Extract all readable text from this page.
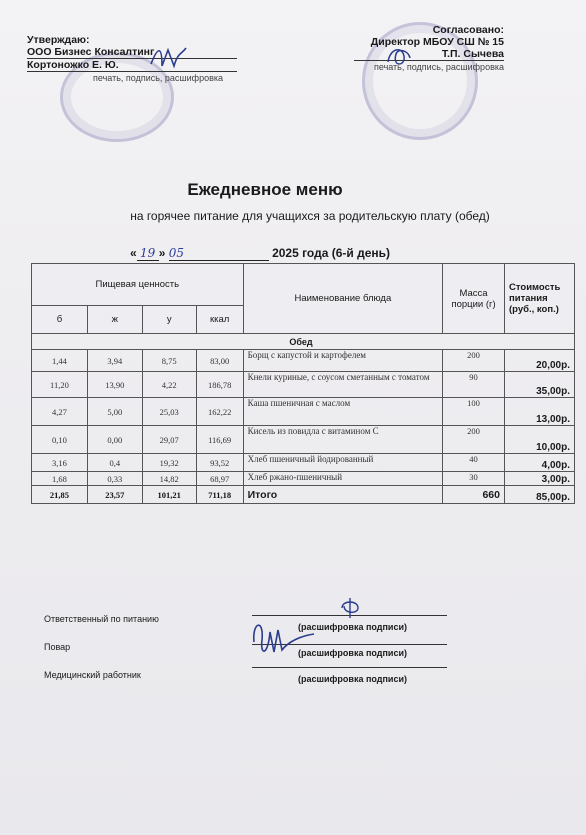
Утверждаю:
ООО Бизнес Консалтинг
Кортоножко Е. Ю.
печать, подпись, расшифровка
Согласовано:
Директор МБОУ СШ № 15
Т.П. Сычева
печать, подпись, расшифровка
Ежедневное меню
на горячее питание для учащихся за родительскую плату (обед)
« 19 » 05	2025 года (6-й день)
Пищевая ценность				Наименование блюда	Масса порции (г)	Стоимость питания (руб., коп.)
б	ж	у	ккал			
Обед						
1,44	3,94	8,75	83,00	Борщ с капустой и картофелем	200	20,00р.
11,20	13,90	4,22	186,78	Кнели куриные, с соусом сметанным с томатом	90	35,00р.
4,27	5,00	25,03	162,22	Каша пшеничная с маслом	100	13,00р.
0,10	0,00	29,07	116,69	Кисель из повидла с витамином С	200	10,00р.
3,16	0,4	19,32	93,52	Хлеб пшеничный йодированный	40	4,00р.
1,68	0,33	14,82	68,97	Хлеб ржано-пшеничный	30	3,00р.
21,85	23,57	101,21	711,18	Итого	660	85,00р.
Ответственный по питанию
(расшифровка подписи)
Повар
(расшифровка подписи)
Медицинский работник	(расшифровка подписи)
